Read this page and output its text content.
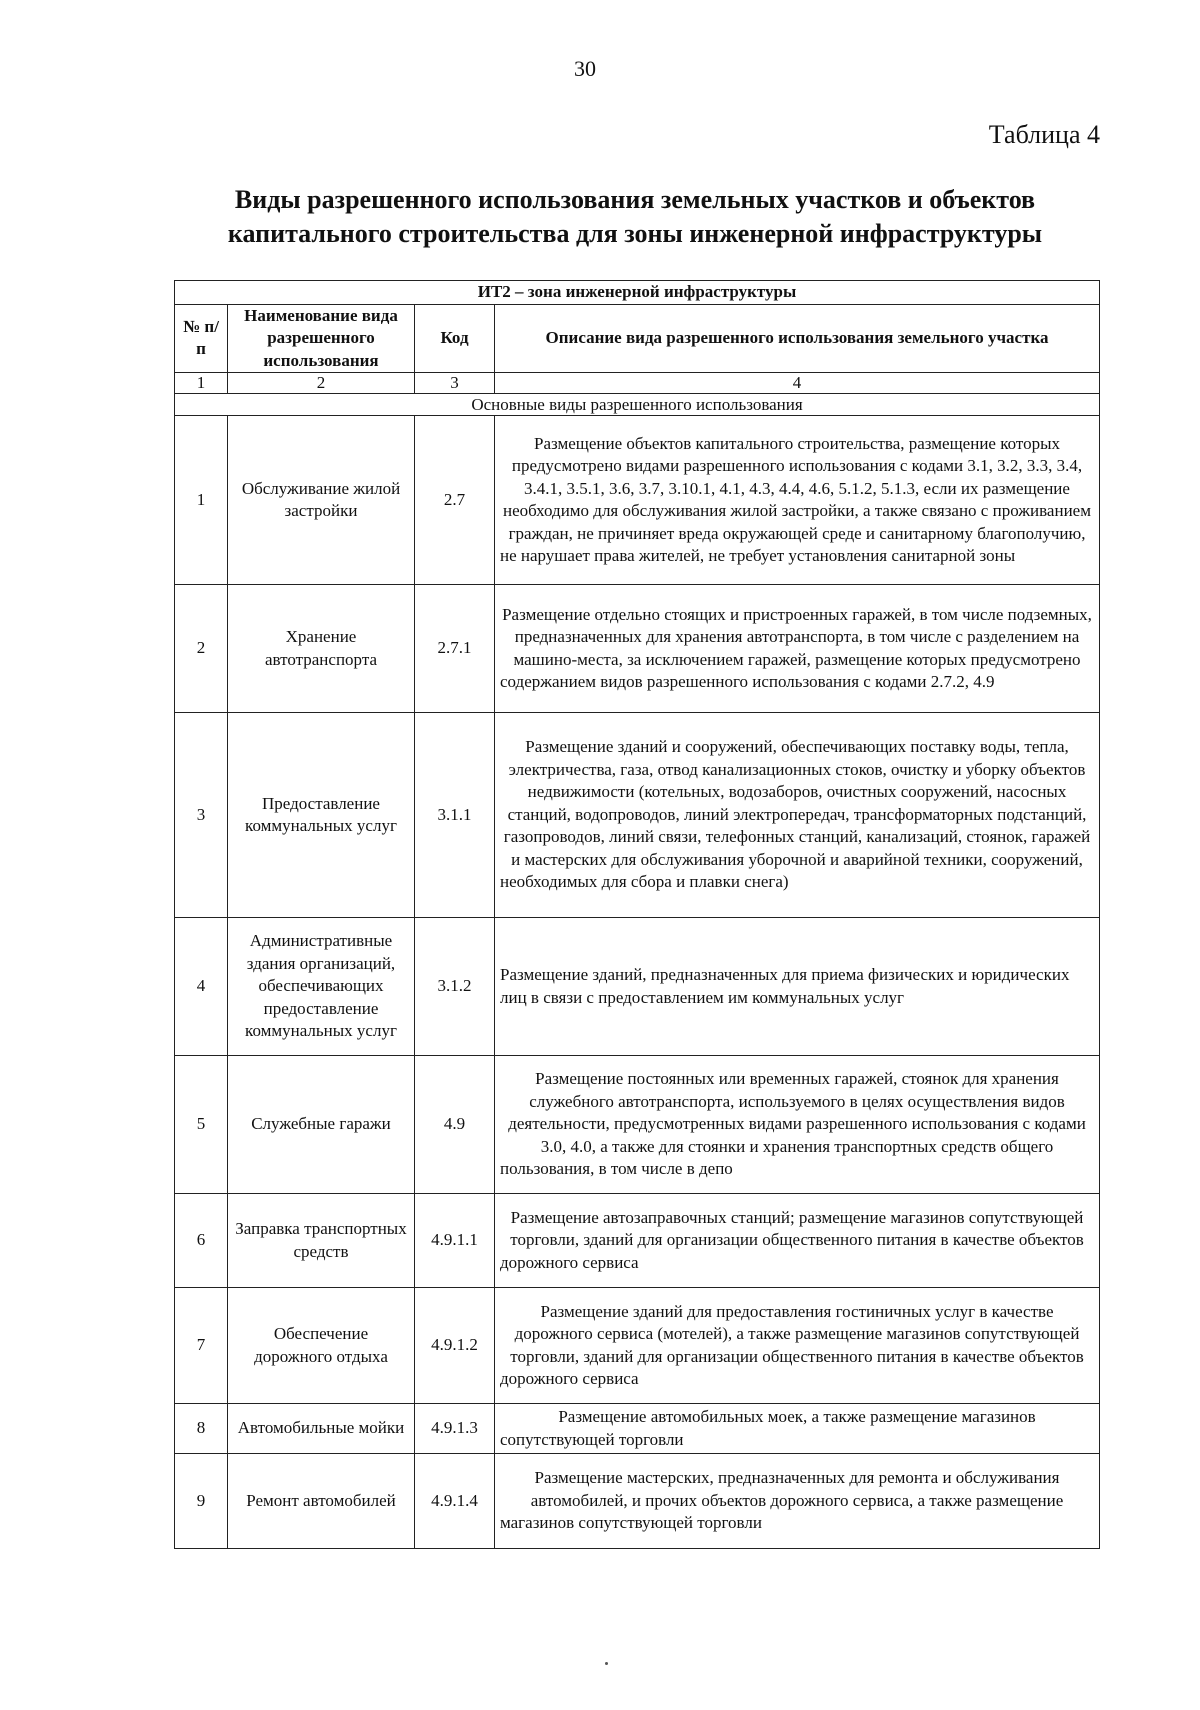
30
Таблица 4
Виды разрешенного использования земельных участков и объектов капитального строительства для зоны инженерной инфраструктуры
ИТ2 – зона инженерной инфраструктуры			
№ п/п	Наименование вида разрешенного использования	Код	Описание вида разрешенного использования земельного участка
1	2	3	4
Основные виды разрешенного использования			
1	Обслуживание жилой застройки	2.7	Размещение объектов капитального строительства, размещение которых предусмотрено видами разрешенного использования с кодами 3.1, 3.2, 3.3, 3.4, 3.4.1, 3.5.1, 3.6, 3.7, 3.10.1, 4.1, 4.3, 4.4, 4.6, 5.1.2, 5.1.3, если их размещение необходимо для обслуживания жилой застройки, а также связано с проживанием граждан, не причиняет вреда окружающей среде и санитарному благополучию, не нарушает права жителей, не требует установления санитарной зоны
2	Хранение автотранспорта	2.7.1	Размещение отдельно стоящих и пристроенных гаражей, в том числе подземных, предназначенных для хранения автотранспорта, в том числе с разделением на машино-места, за исключением гаражей, размещение которых предусмотрено содержанием видов разрешенного использования с кодами 2.7.2, 4.9
3	Предоставление коммунальных услуг	3.1.1	Размещение зданий и сооружений, обеспечивающих поставку воды, тепла, электричества, газа, отвод канализационных стоков, очистку и уборку объектов недвижимости (котельных, водозаборов, очистных сооружений, насосных станций, водопроводов, линий электропередач, трансформаторных подстанций, газопроводов, линий связи, телефонных станций, канализаций, стоянок, гаражей и мастерских для обслуживания уборочной и аварийной техники, сооружений, необходимых для сбора и плавки снега)
4	Административные здания организаций, обеспечивающих предоставление коммунальных услуг	3.1.2	Размещение зданий, предназначенных для приема физических и юридических лиц в связи с предоставлением им коммунальных услуг
5	Служебные гаражи	4.9	Размещение постоянных или временных гаражей, стоянок для хранения служебного автотранспорта, используемого в целях осуществления видов деятельности, предусмотренных видами разрешенного использования с кодами 3.0, 4.0, а также для стоянки и хранения транспортных средств общего пользования, в том числе в депо
6	Заправка транспортных средств	4.9.1.1	Размещение автозаправочных станций; размещение магазинов сопутствующей торговли, зданий для организации общественного питания в качестве объектов дорожного сервиса
7	Обеспечение дорожного отдыха	4.9.1.2	Размещение зданий для предоставления гостиничных услуг в качестве дорожного сервиса (мотелей), а также размещение магазинов сопутствующей торговли, зданий для организации общественного питания в качестве объектов дорожного сервиса
8	Автомобильные мойки	4.9.1.3	Размещение автомобильных моек, а также размещение магазинов сопутствующей торговли
9	Ремонт автомобилей	4.9.1.4	Размещение мастерских, предназначенных для ремонта и обслуживания автомобилей, и прочих объектов дорожного сервиса, а также размещение магазинов сопутствующей торговли
